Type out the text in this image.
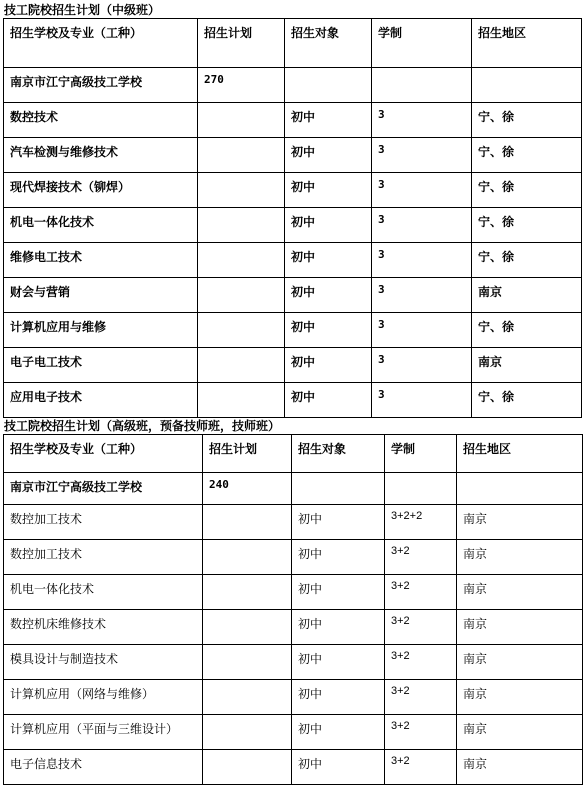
技工院校招生计划（中级班）
招生学校及专业（工种）	招生计划	招生对象	学制	招生地区
南京市江宁高级技工学校	270			
数控技术		初中	3	宁、徐
汽车检测与维修技术		初中	3	宁、徐
现代焊接技术（铆焊）		初中	3	宁、徐
机电一体化技术		初中	3	宁、徐
维修电工技术		初中	3	宁、徐
财会与营销		初中	3	南京
计算机应用与维修		初中	3	宁、徐
电子电工技术		初中	3	南京
应用电子技术		初中	3	宁、徐
技工院校招生计划（高级班，预备技师班，技师班）
招生学校及专业（工种）	招生计划	招生对象	学制	招生地区
南京市江宁高级技工学校	240			
数控加工技术		初中	3+2+2	南京
数控加工技术		初中	3+2	南京
机电一体化技术		初中	3+2	南京
数控机床维修技术		初中	3+2	南京
模具设计与制造技术		初中	3+2	南京
计算机应用（网络与维修）		初中	3+2	南京
计算机应用（平面与三维设计）		初中	3+2	南京
电子信息技术		初中	3+2	南京
